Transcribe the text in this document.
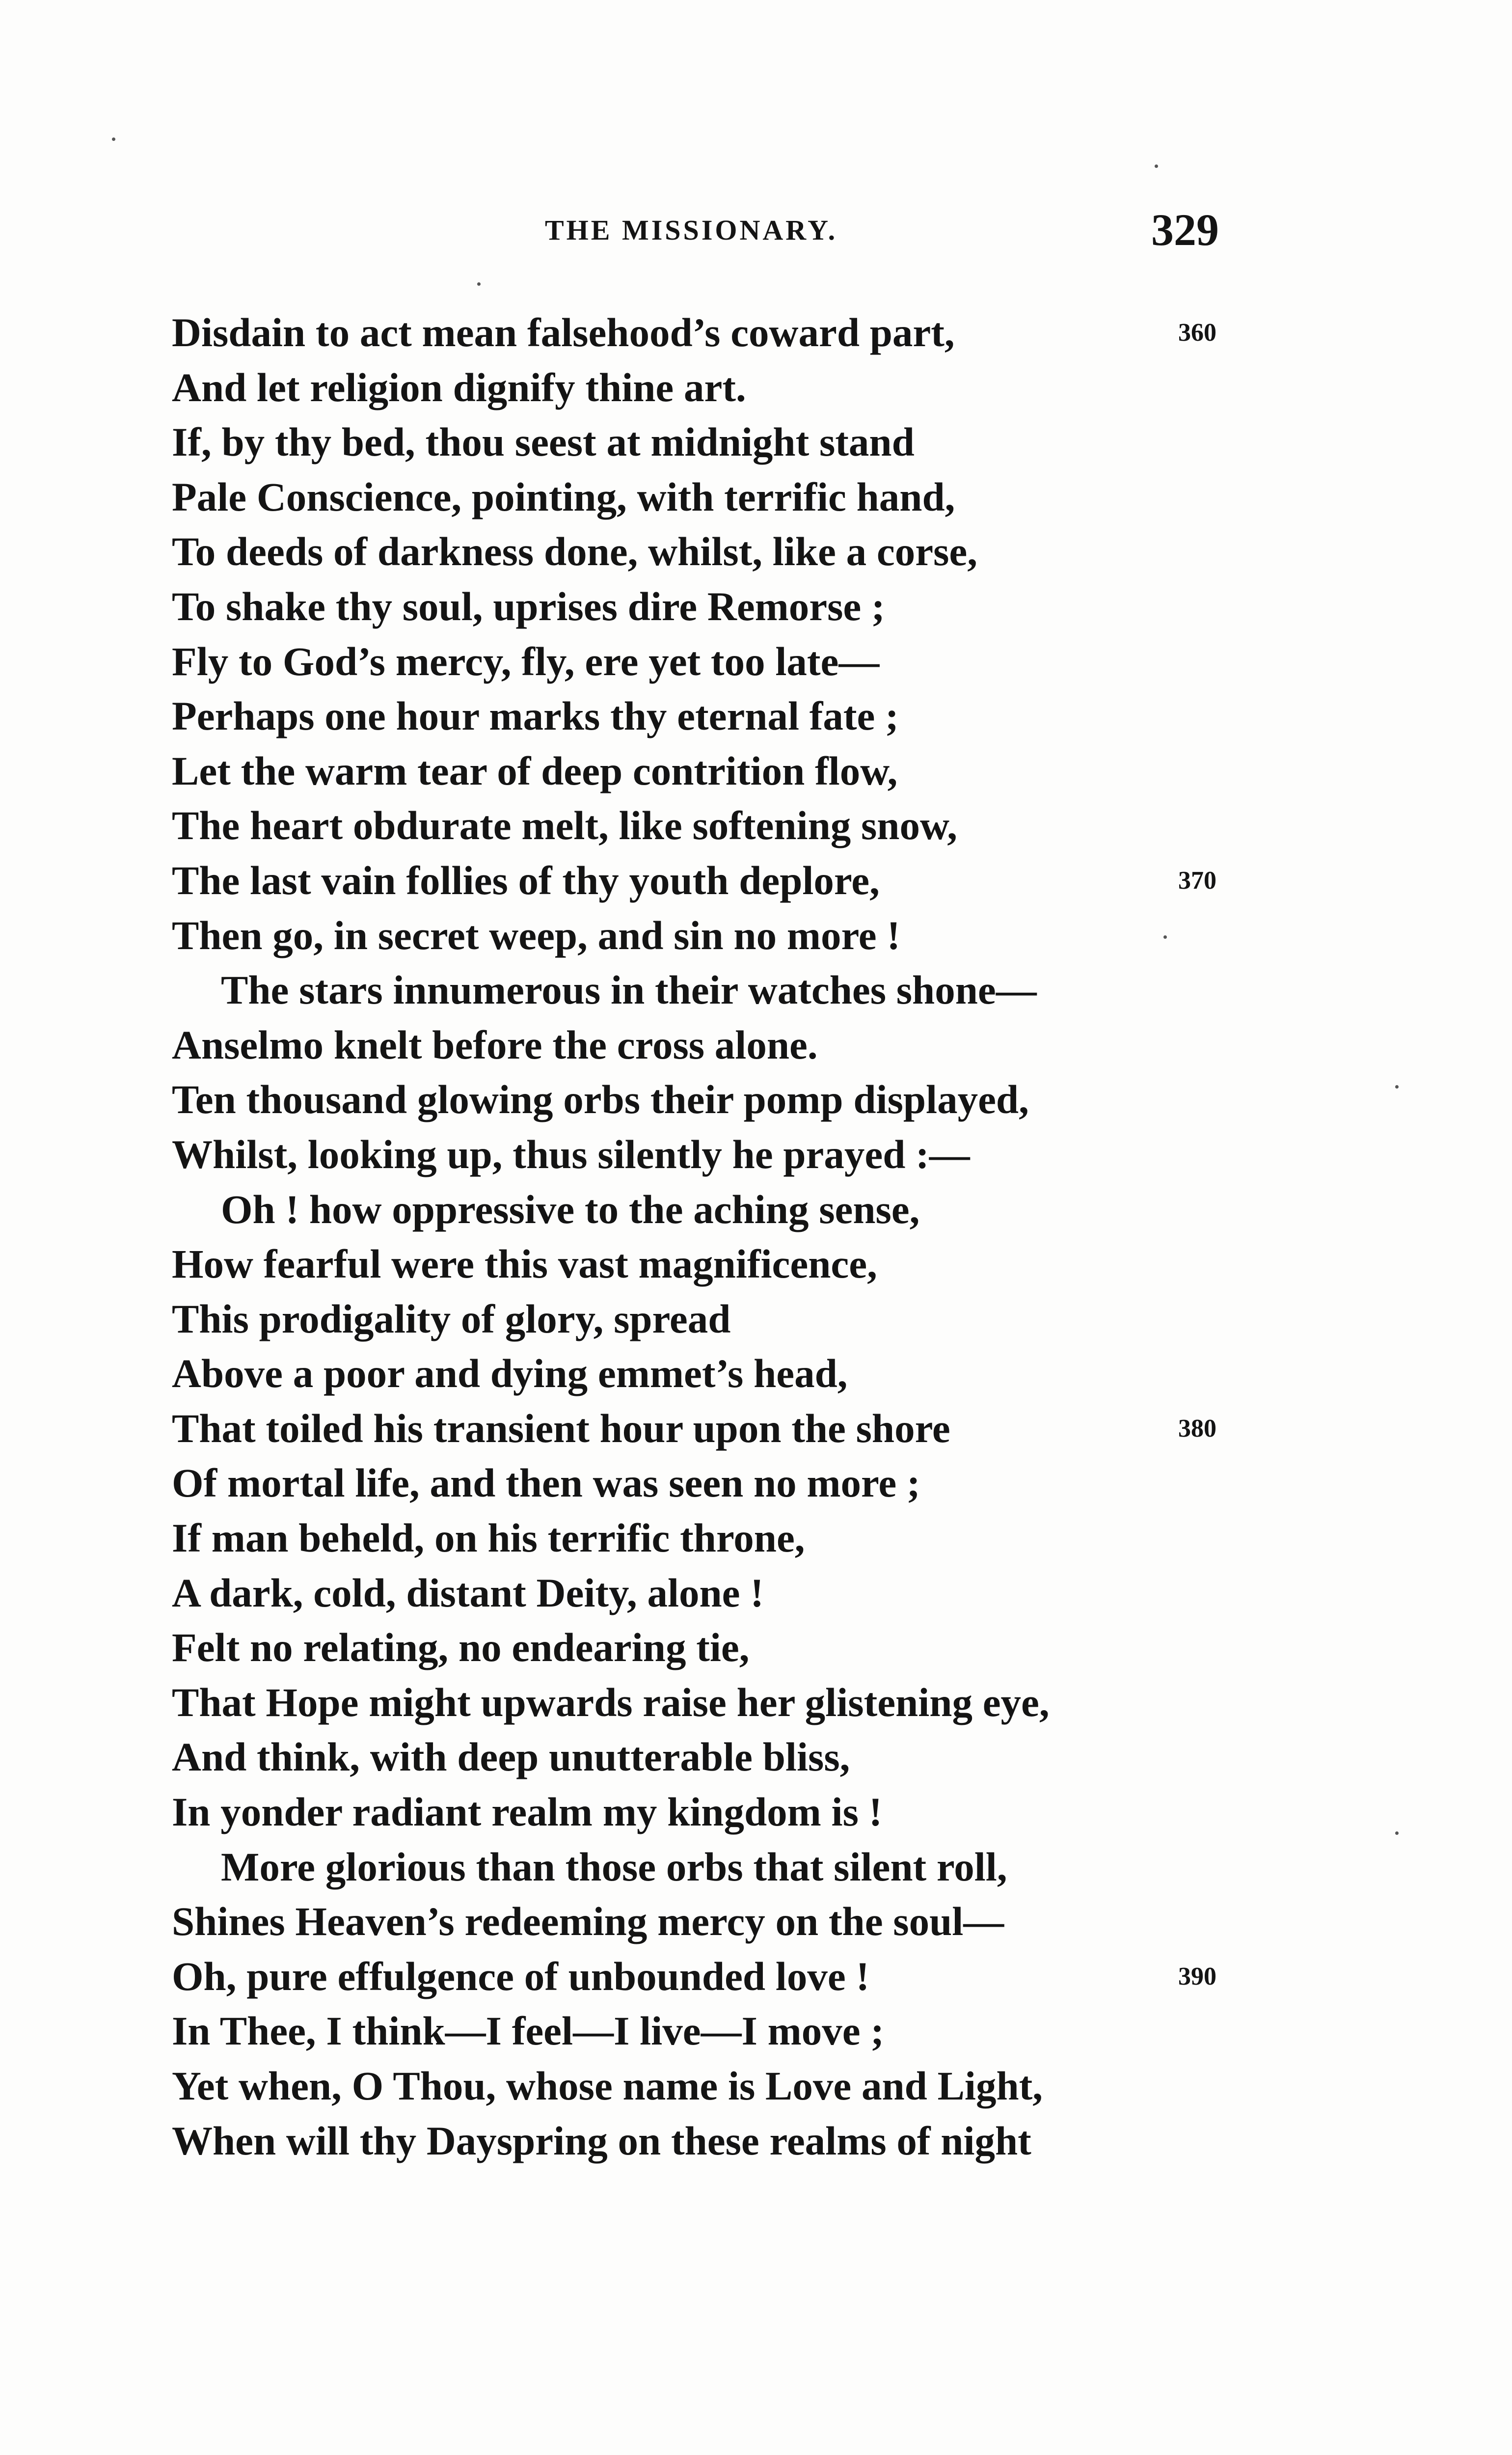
THE MISSIONARY.	329
Disdain to act mean falsehood’s coward part,	360
And let religion dignify thine art.
If, by thy bed, thou seest at midnight stand
Pale Conscience, pointing, with terrific hand,
To deeds of darkness done, whilst, like a corse,
To shake thy soul, uprises dire Remorse ;
Fly to God’s mercy, fly, ere yet too late—
Perhaps one hour marks thy eternal fate ;
Let the warm tear of deep contrition flow,
The heart obdurate melt, like softening snow,
The last vain follies of thy youth deplore,	370
Then go, in secret weep, and sin no more !
The stars innumerous in their watches shone—
Anselmo knelt before the cross alone.
Ten thousand glowing orbs their pomp displayed,
Whilst, looking up, thus silently he prayed :—
Oh ! how oppressive to the aching sense,
How fearful were this vast magnificence,
This prodigality of glory, spread
Above a poor and dying emmet’s head,
That toiled his transient hour upon the shore	380
Of mortal life, and then was seen no more ;
If man beheld, on his terrific throne,
A dark, cold, distant Deity, alone !
Felt no relating, no endearing tie,
That Hope might upwards raise her glistening eye,
And think, with deep unutterable bliss,
In yonder radiant realm my kingdom is !
More glorious than those orbs that silent roll,
Shines Heaven’s redeeming mercy on the soul—
Oh, pure effulgence of unbounded love !	390
In Thee, I think—I feel—I live—I move ;
Yet when, O Thou, whose name is Love and Light,
When will thy Dayspring on these realms of night
